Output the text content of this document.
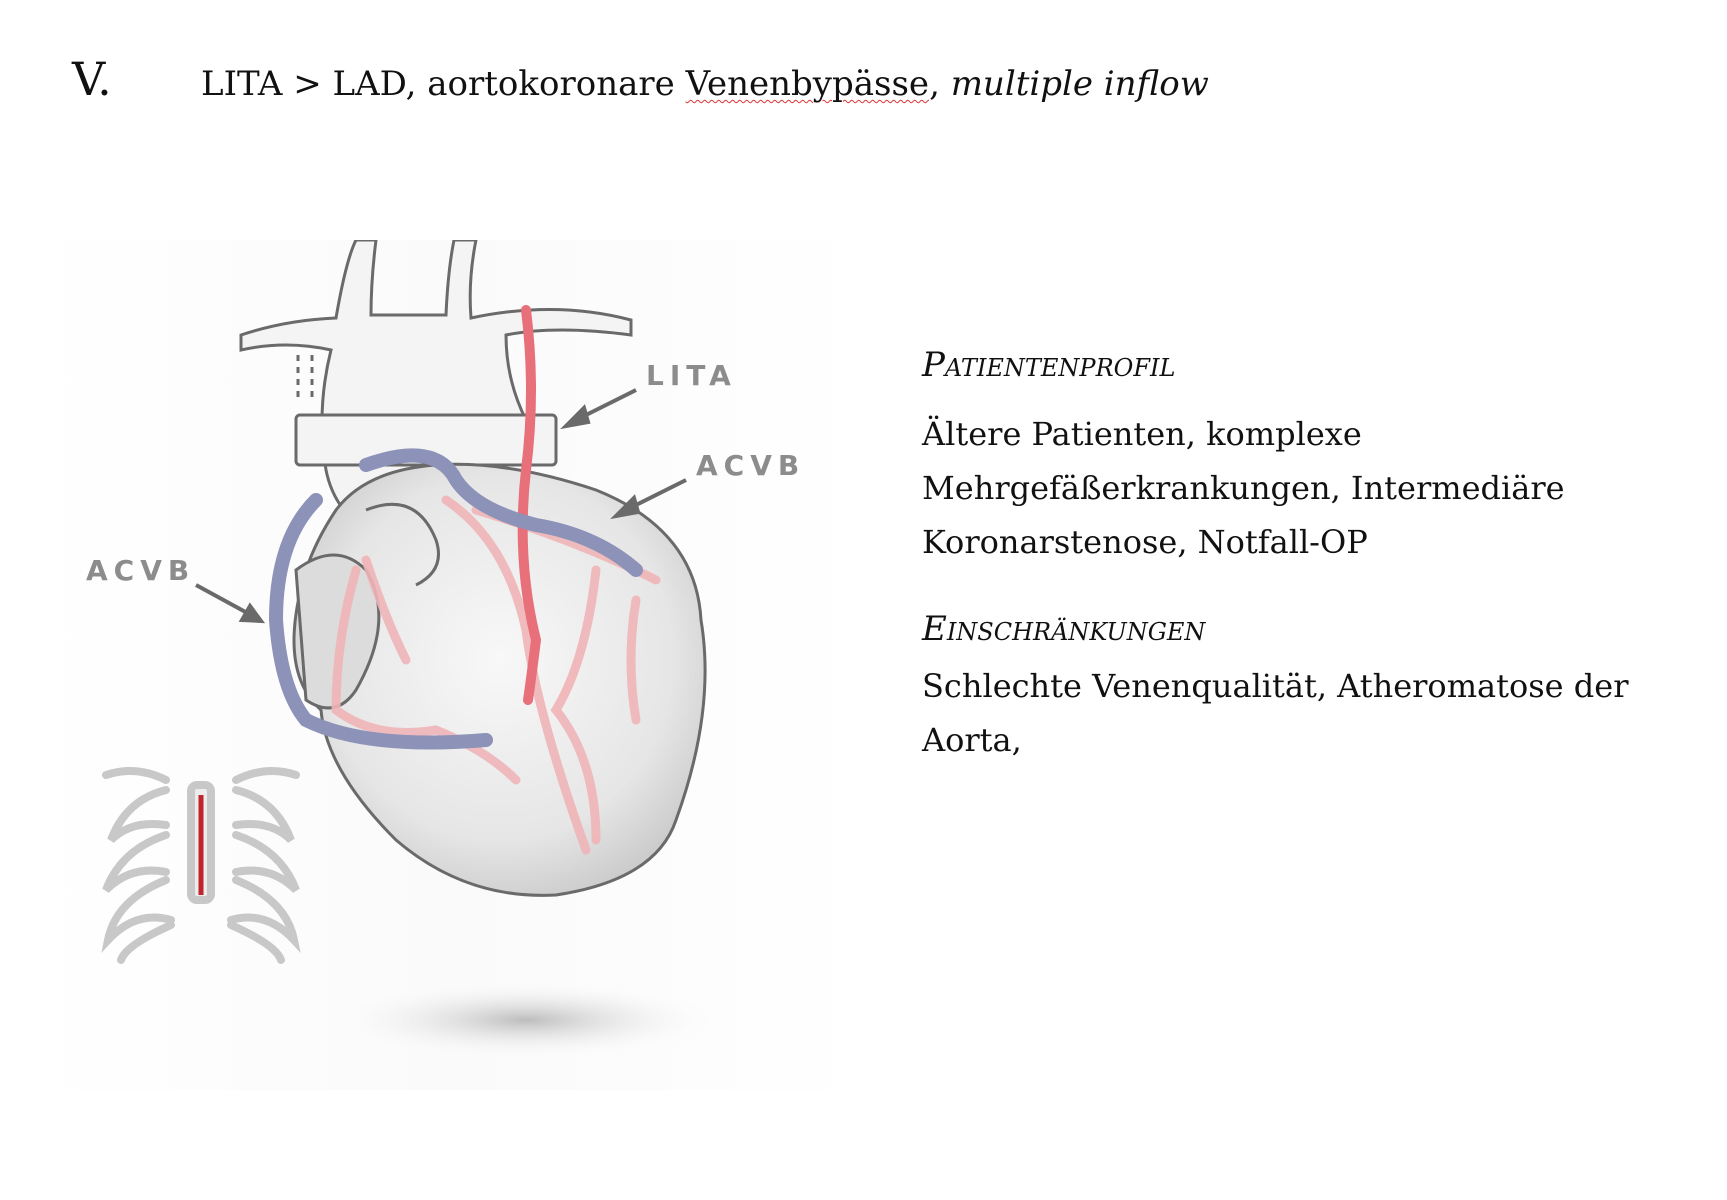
V.	LITA > LAD, aortokoronare Venenbypässe, multiple inflow
LITA
ACVB
ACVB
Patientenprofil
Ältere Patienten, komplexe Mehrgefäßerkrankungen, Intermediäre Koronarstenose, Notfall-OP
Einschränkungen
Schlechte Venenqualität, Atheromatose der Aorta,
